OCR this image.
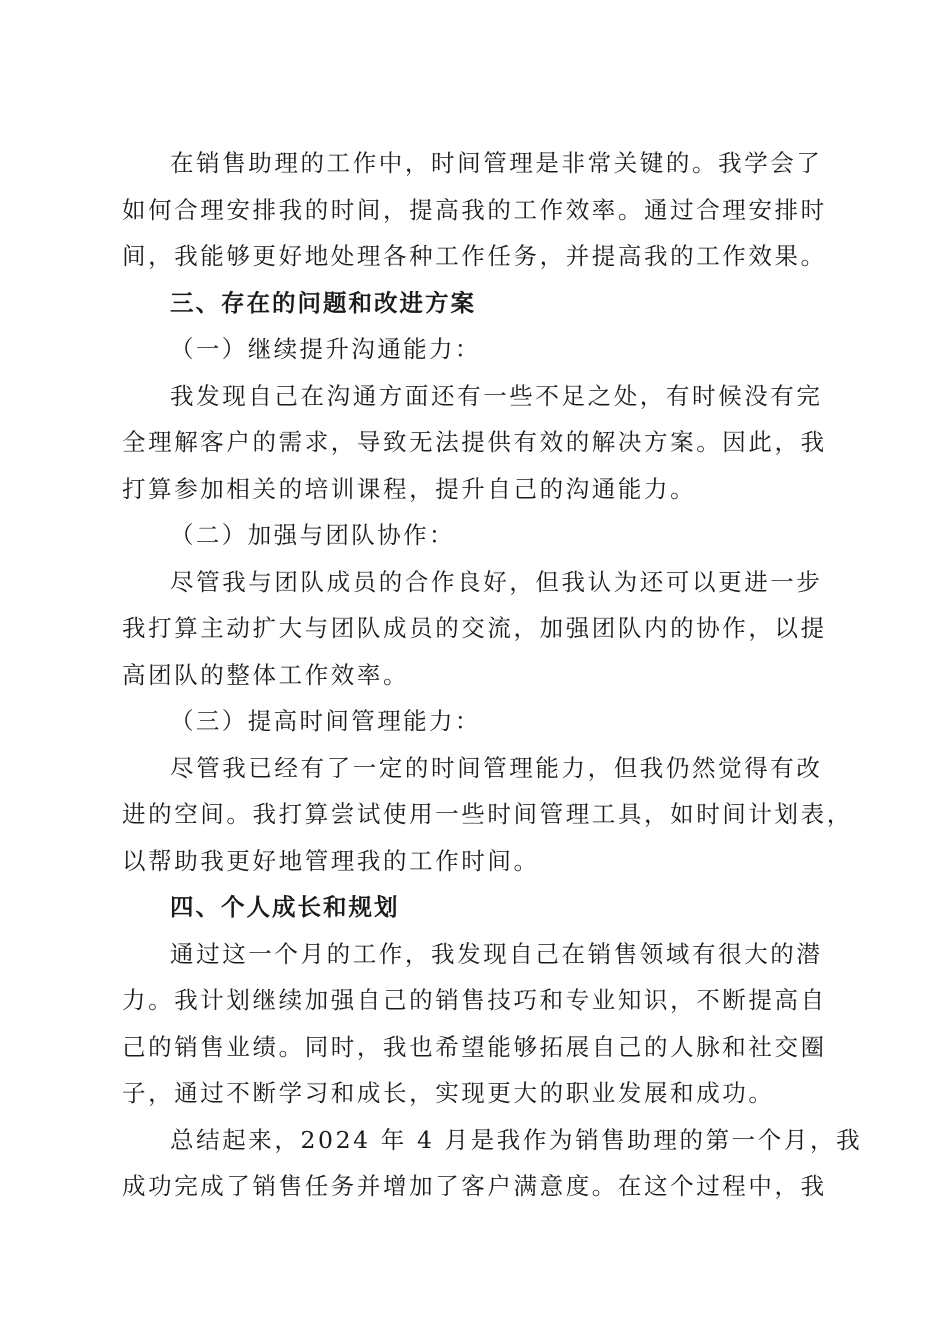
在销售助理的工作中，时间管理是非常关键的。我学会了
如何合理安排我的时间，提高我的工作效率。通过合理安排时
间，我能够更好地处理各种工作任务，并提高我的工作效果。
三、存在的问题和改进方案
（一）继续提升沟通能力：
我发现自己在沟通方面还有一些不足之处，有时候没有完
全理解客户的需求，导致无法提供有效的解决方案。因此，我
打算参加相关的培训课程，提升自己的沟通能力。
（二）加强与团队协作：
尽管我与团队成员的合作良好，但我认为还可以更进一步
我打算主动扩大与团队成员的交流，加强团队内的协作，以提
高团队的整体工作效率。
（三）提高时间管理能力：
尽管我已经有了一定的时间管理能力，但我仍然觉得有改
进的空间。我打算尝试使用一些时间管理工具，如时间计划表，
以帮助我更好地管理我的工作时间。
四、个人成长和规划
通过这一个月的工作，我发现自己在销售领域有很大的潜
力。我计划继续加强自己的销售技巧和专业知识，不断提高自
己的销售业绩。同时，我也希望能够拓展自己的人脉和社交圈
子，通过不断学习和成长，实现更大的职业发展和成功。
总结起来，2024 年 4 月是我作为销售助理的第一个月，我
成功完成了销售任务并增加了客户满意度。在这个过程中，我
